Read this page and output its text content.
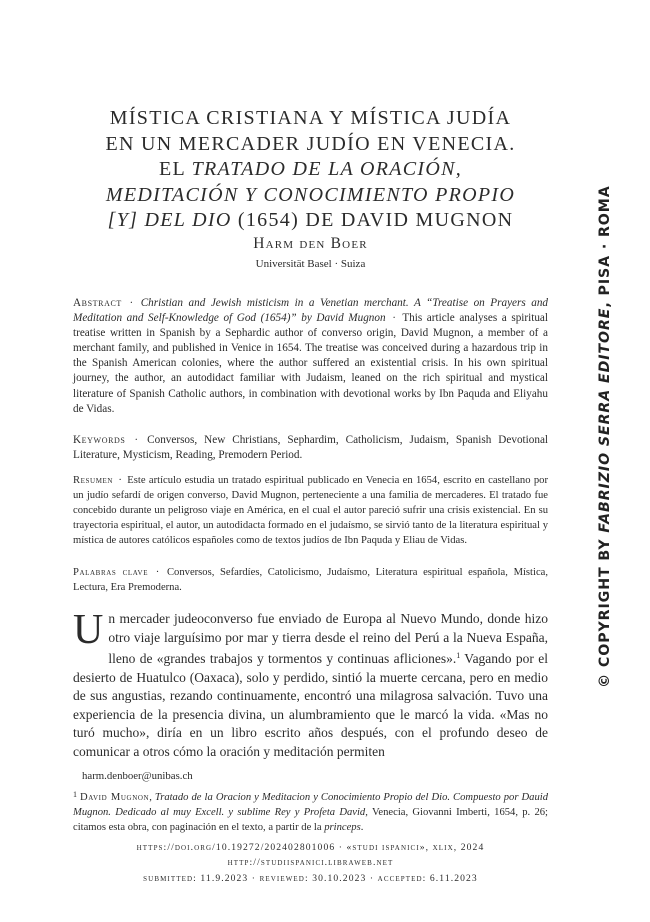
MÍSTICA CRISTIANA Y MÍSTICA JUDÍA
EN UN MERCADER JUDÍO EN VENECIA.
EL TRATADO DE LA ORACIÓN,
MEDITACIÓN Y CONOCIMIENTO PROPIO
[Y] DEL DIO (1654) DE DAVID MUGNON
Harm den Boer
Universität Basel · Suiza
Abstract · Christian and Jewish misticism in a Venetian merchant. A “Treatise on Prayers and Meditation and Self-Knowledge of God (1654)” by David Mugnon · This article analyses a spiritual treatise written in Spanish by a Sephardic author of converso origin, David Mugnon, a member of a merchant family, and published in Venice in 1654. The treatise was conceived during a hazardous trip in the Spanish American colonies, where the author suffered an existential crisis. In his own spiritual journey, the author, an autodidact familiar with Judaism, leaned on the rich spiritual and mystical literature of Spanish Catholic authors, in combination with devotional works by Ibn Paquda and Eliyahu de Vidas.
Keywords · Conversos, New Christians, Sephardim, Catholicism, Judaism, Spanish Devotional Literature, Mysticism, Reading, Premodern Period.
Resumen · Este artículo estudia un tratado espiritual publicado en Venecia en 1654, escrito en castellano por un judío sefardí de origen converso, David Mugnon, perteneciente a una familia de mercaderes. El tratado fue concebido durante un peligroso viaje en América, en el cual el autor pareció sufrir una crisis existencial. En su trayectoria espiritual, el autor, un autodidacta formado en el judaísmo, se sirvió tanto de la literatura espiritual y mística de autores católicos españoles como de textos judíos de Ibn Paquda y Eliau de Vidas.
Palabras clave · Conversos, Sefardíes, Catolicismo, Judaísmo, Literatura espiritual española, Mística, Lectura, Era Premoderna.
Un mercader judeoconverso fue enviado de Europa al Nuevo Mundo, donde hizo otro viaje larguísimo por mar y tierra desde el reino del Perú a la Nueva España, lleno de «grandes trabajos y tormentos y continuas afliciones».$^1$ Vagando por el desierto de Huatulco (Oaxaca), solo y perdido, sintió la muerte cercana, pero en medio de sus angustias, rezando continuamente, encontró una milagrosa salvación. Tuvo una experiencia de la presencia divina, un alumbramiento que le marcó la vida. «Mas no turó mucho», diría en un libro escrito años después, con el profundo deseo de comunicar a otros cómo la oración y meditación permiten
harm.denboer@unibas.ch
$^1$ David Mugnon, Tratado de la Oracion y Meditacion y Conocimiento Propio del Dio. Compuesto por Dauid Mugnon. Dedicado al muy Excell. y sublime Rey y Profeta David, Venecia, Giovanni Imberti, 1654, p. 26; citamos esta obra, con paginación en el texto, a partir de la princeps.
https://doi.org/10.19272/202402801006 · «studi ispanici», xlix, 2024
http://studiispanici.libraweb.net
submitted: 11.9.2023 · reviewed: 30.10.2023 · accepted: 6.11.2023
© COPYRIGHT BY FABRIZIO SERRA EDITORE, PISA · ROMA
